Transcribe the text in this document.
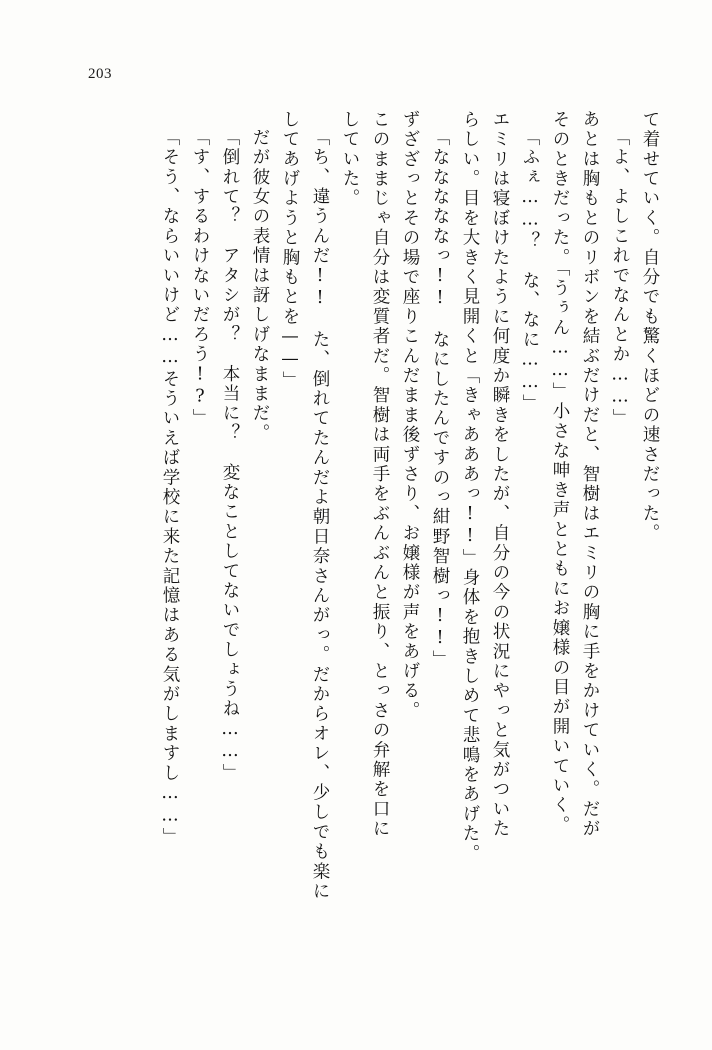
203
て着せていく。自分でも驚くほどの速さだった。
「よ、よしこれでなんとか……」
あとは胸もとのリボンを結ぶだけだと、智樹はエミリの胸に手をかけていく。だが
そのときだった。「うぅん……」小さな呻き声とともにお嬢様の目が開いていく。
「ふぇ……？　な、なに……」
エミリは寝ぼけたように何度か瞬きをしたが、自分の今の状況にやっと気がついた
らしい。目を大きく見開くと「きゃあああっ!!」身体を抱きしめて悲鳴をあげた。
「なななななっ!!　なにしたんですのっ紺野智樹っ!!」
ずざざっとその場で座りこんだまま後ずさり、お嬢様が声をあげる。
このままじゃ自分は変質者だ。智樹は両手をぶんぶんと振り、とっさの弁解を口に
していた。
「ち、違うんだ!!　た、倒れてたんだよ朝日奈さんがっ。だからオレ、少しでも楽に
してあげようと胸もとを——」
だが彼女の表情は訝しげなままだ。
「倒れて？　アタシが？　本当に？　変なことしてないでしょうね……」
「す、するわけないだろう!?」
「そう、ならいいけど……そういえば学校に来た記憶はある気がしますし……」
